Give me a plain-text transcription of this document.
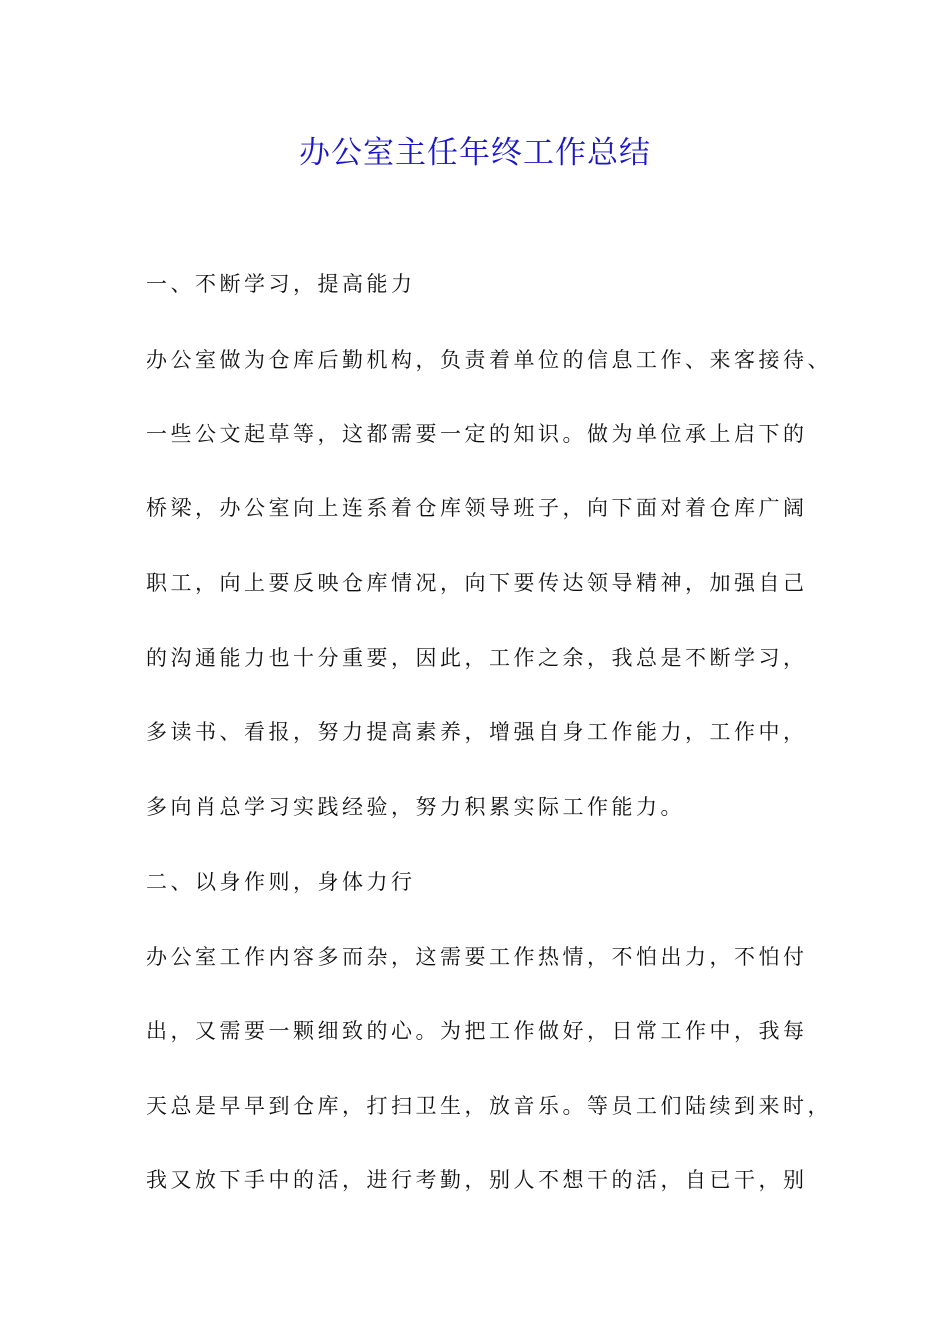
办公室主任年终工作总结

一、不断学习，提高能力

办公室做为仓库后勤机构，负责着单位的信息工作、来客接待、

一些公文起草等，这都需要一定的知识。做为单位承上启下的

桥梁，办公室向上连系着仓库领导班子，向下面对着仓库广阔

职工，向上要反映仓库情况，向下要传达领导精神，加强自己

的沟通能力也十分重要，因此，工作之余，我总是不断学习，

多读书、看报，努力提高素养，增强自身工作能力，工作中，

多向肖总学习实践经验，努力积累实际工作能力。

二、以身作则，身体力行

办公室工作内容多而杂，这需要工作热情，不怕出力，不怕付

出，又需要一颗细致的心。为把工作做好，日常工作中，我每

天总是早早到仓库，打扫卫生，放音乐。等员工们陆续到来时，

我又放下手中的活，进行考勤，别人不想干的活，自已干，别
